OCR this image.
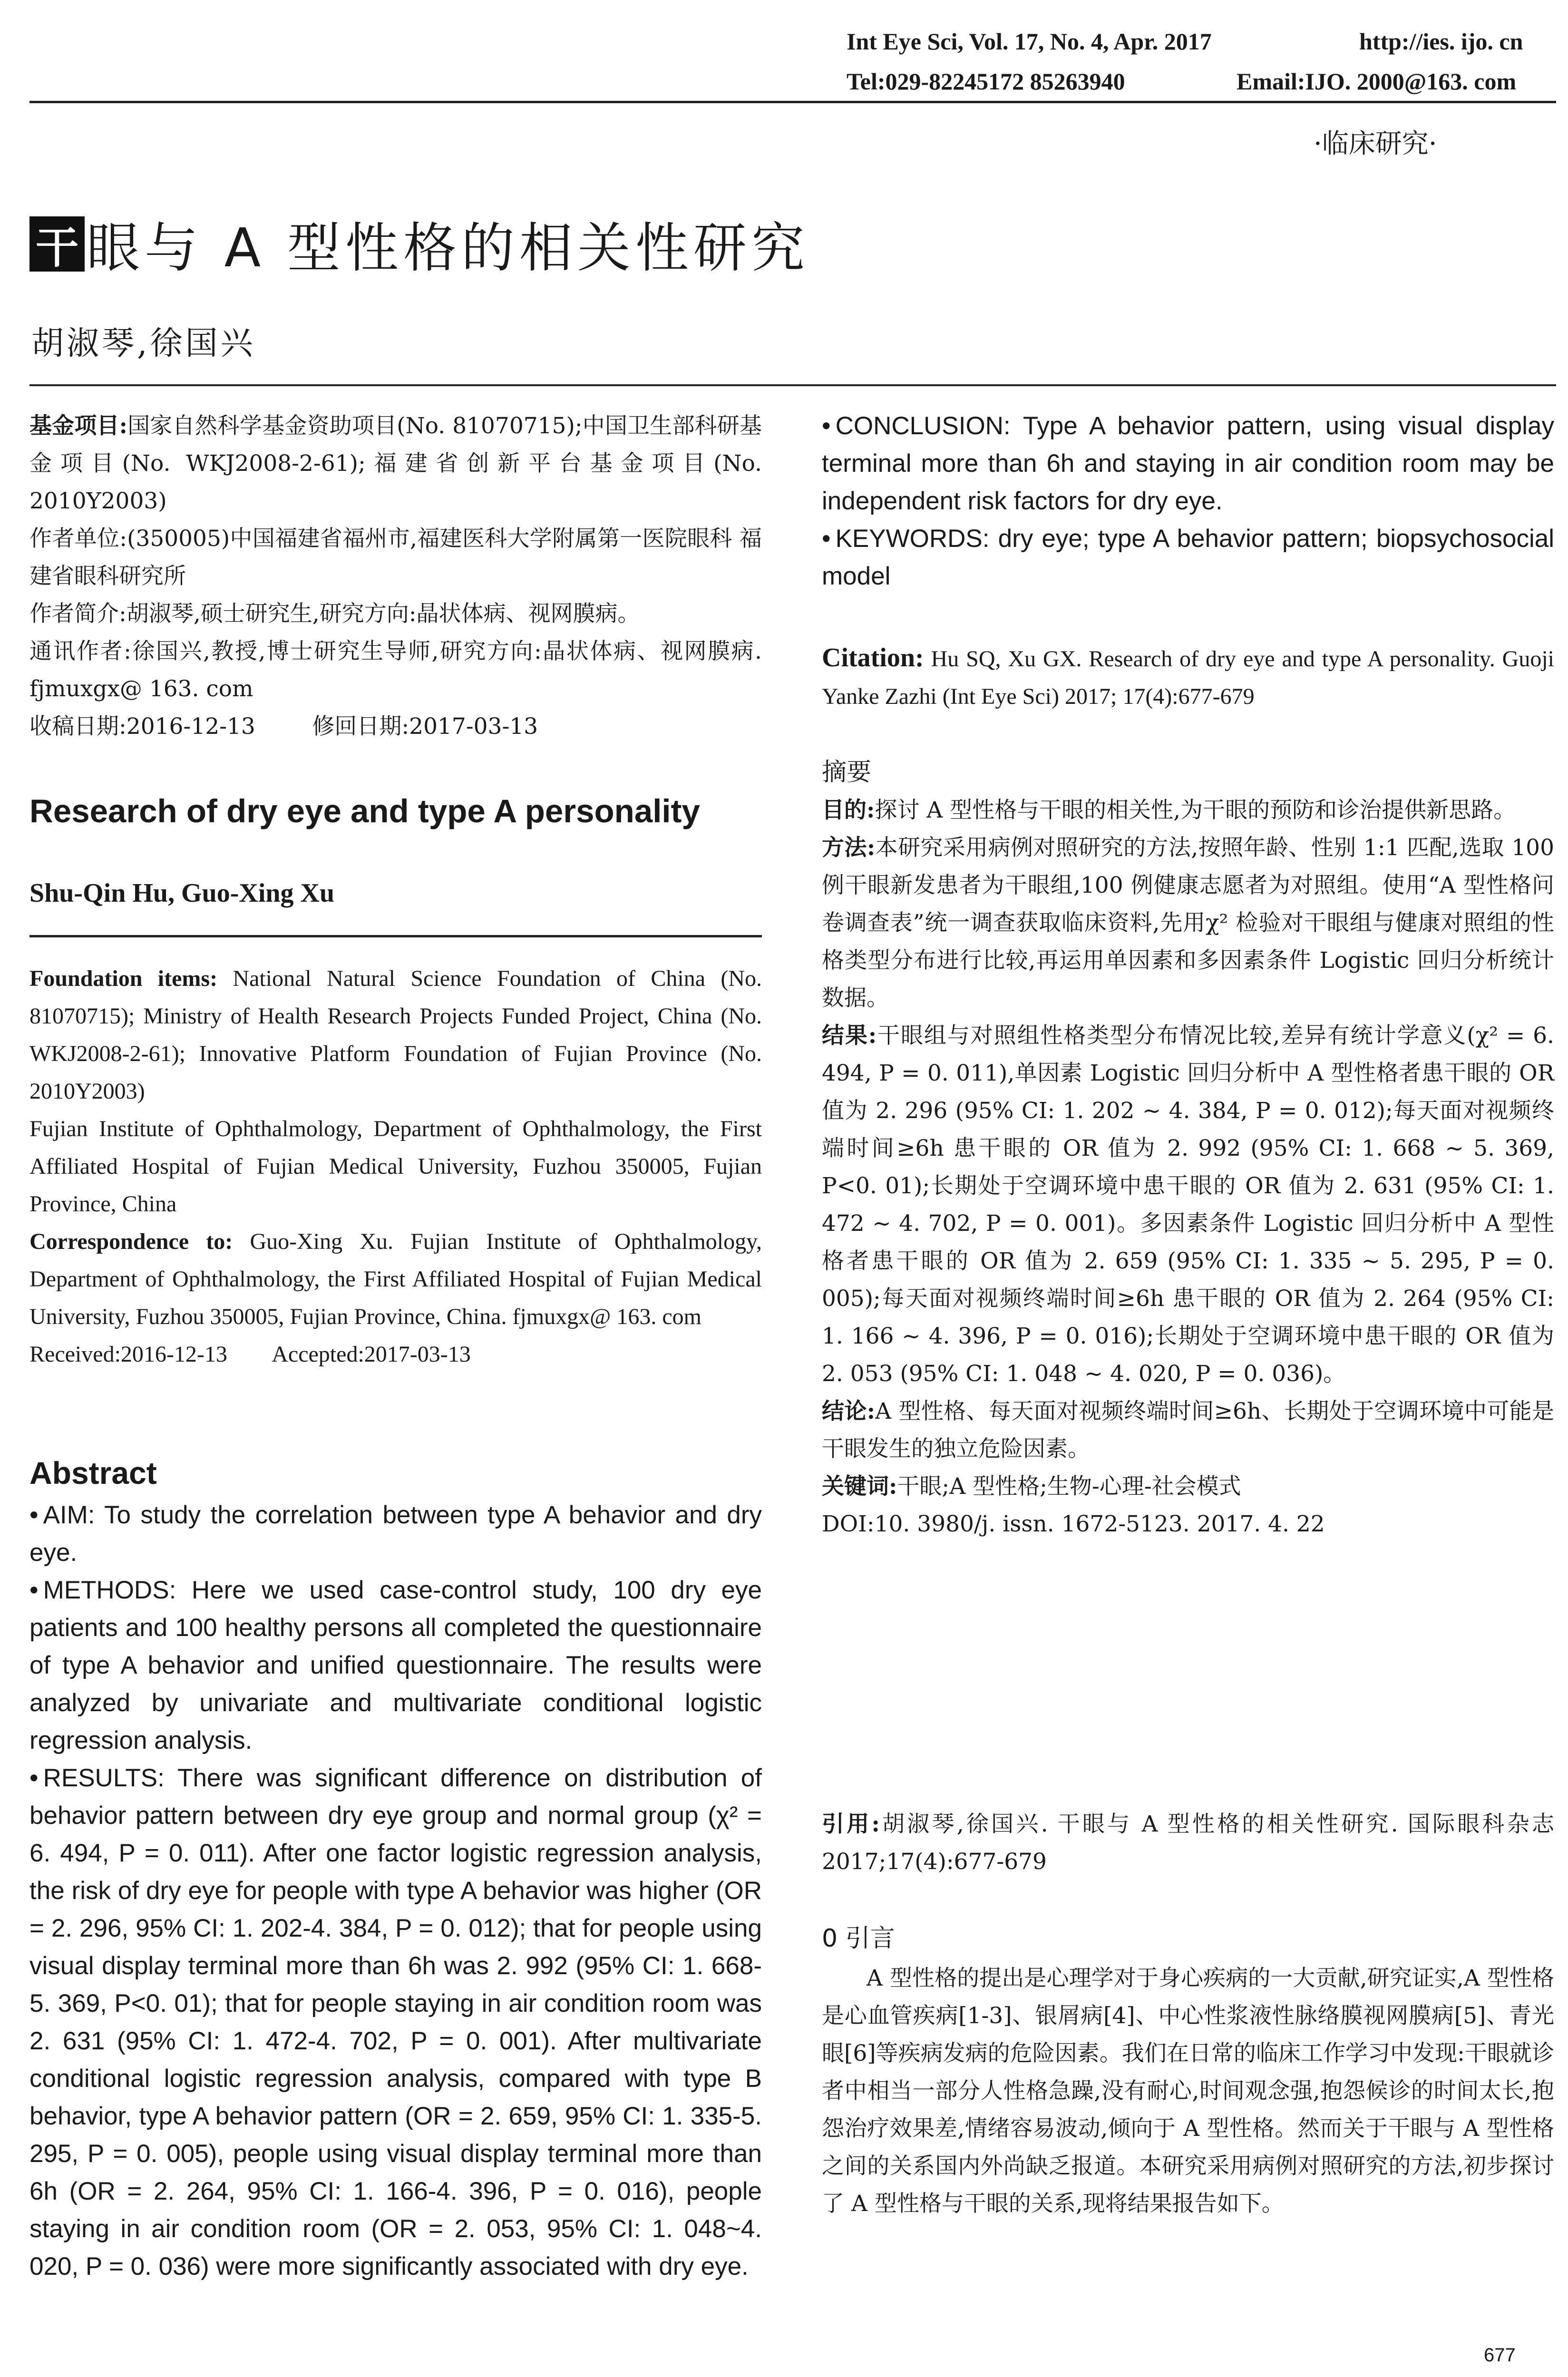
Int Eye Sci, Vol. 17, No. 4, Apr. 2017	http://ies. ijo. cn
Tel:029-82245172 85263940	Email:IJO. 2000@163. com
·临床研究·
干 眼与 A 型性格的相关性研究
胡淑琴,徐国兴

基金项目:国家自然科学基金资助项目(No. 81070715);中国卫生部科研基金项目(No. WKJ2008-2-61);福建省创新平台基金项目(No. 2010Y2003)

作者单位:(350005)中国福建省福州市,福建医科大学附属第一医院眼科 福建省眼科研究所

作者简介:胡淑琴,硕士研究生,研究方向:晶状体病、视网膜病。

通讯作者:徐国兴,教授,博士研究生导师,研究方向:晶状体病、视网膜病. fjmuxgx@ 163. com

收稿日期:2016-12-13        修回日期:2017-03-13

Research of dry eye and type A personality
Shu-Qin Hu, Guo-Xing Xu

Foundation items: National Natural Science Foundation of China (No. 81070715); Ministry of Health Research Projects Funded Project, China (No. WKJ2008-2-61); Innovative Platform Foundation of Fujian Province (No. 2010Y2003)

Fujian Institute of Ophthalmology, Department of Ophthalmology, the First Affiliated Hospital of Fujian Medical University, Fuzhou 350005, Fujian Province, China

Correspondence to: Guo-Xing Xu. Fujian Institute of Ophthalmology, Department of Ophthalmology, the First Affiliated Hospital of Fujian Medical University, Fuzhou 350005, Fujian Province, China. fjmuxgx@ 163. com

Received:2016-12-13        Accepted:2017-03-13

Abstract

• AIM: To study the correlation between type A behavior and dry eye.

• METHODS: Here we used case-control study, 100 dry eye patients and 100 healthy persons all completed the questionnaire of type A behavior and unified questionnaire. The results were analyzed by univariate and multivariate conditional logistic regression analysis.

• RESULTS: There was significant difference on distribution of behavior pattern between dry eye group and normal group (χ² = 6. 494, P = 0. 011). After one factor logistic regression analysis, the risk of dry eye for people with type A behavior was higher (OR = 2. 296, 95% CI: 1. 202-4. 384, P = 0. 012); that for people using visual display terminal more than 6h was 2. 992 (95% CI: 1. 668-5. 369, P<0. 01); that for people staying in air condition room was 2. 631 (95% CI: 1. 472-4. 702, P = 0. 001). After multivariate conditional logistic regression analysis, compared with type B behavior, type A behavior pattern (OR = 2. 659, 95% CI: 1. 335-5. 295, P = 0. 005), people using visual display terminal more than 6h (OR = 2. 264, 95% CI: 1. 166-4. 396, P = 0. 016), people staying in air condition room (OR = 2. 053, 95% CI: 1. 048~4. 020, P = 0. 036) were more significantly associated with dry eye.

• CONCLUSION: Type A behavior pattern, using visual display terminal more than 6h and staying in air condition room may be independent risk factors for dry eye.

• KEYWORDS: dry eye; type A behavior pattern; biopsychosocial model

Citation: Hu SQ, Xu GX. Research of dry eye and type A personality. Guoji Yanke Zazhi (Int Eye Sci) 2017; 17(4):677-679

摘要

目的:探讨 A 型性格与干眼的相关性,为干眼的预防和诊治提供新思路。

方法:本研究采用病例对照研究的方法,按照年龄、性别 1:1 匹配,选取 100 例干眼新发患者为干眼组,100 例健康志愿者为对照组。使用“A 型性格问卷调查表”统一调查获取临床资料,先用χ² 检验对干眼组与健康对照组的性格类型分布进行比较,再运用单因素和多因素条件 Logistic 回归分析统计数据。

结果:干眼组与对照组性格类型分布情况比较,差异有统计学意义(χ² = 6. 494, P = 0. 011),单因素 Logistic 回归分析中 A 型性格者患干眼的 OR 值为 2. 296 (95% CI: 1. 202 ~ 4. 384, P = 0. 012);每天面对视频终端时间≥6h 患干眼的 OR 值为 2. 992 (95% CI: 1. 668 ~ 5. 369, P<0. 01);长期处于空调环境中患干眼的 OR 值为 2. 631 (95% CI: 1. 472 ~ 4. 702, P = 0. 001)。多因素条件 Logistic 回归分析中 A 型性格者患干眼的 OR 值为 2. 659 (95% CI: 1. 335 ~ 5. 295, P = 0. 005);每天面对视频终端时间≥6h 患干眼的 OR 值为 2. 264 (95% CI: 1. 166 ~ 4. 396, P = 0. 016);长期处于空调环境中患干眼的 OR 值为 2. 053 (95% CI: 1. 048 ~ 4. 020, P = 0. 036)。

结论:A 型性格、每天面对视频终端时间≥6h、长期处于空调环境中可能是干眼发生的独立危险因素。

关键词:干眼;A 型性格;生物-心理-社会模式

DOI:10. 3980/j. issn. 1672-5123. 2017. 4. 22

引用:胡淑琴,徐国兴. 干眼与 A 型性格的相关性研究. 国际眼科杂志 2017;17(4):677-679

0 引言

A 型性格的提出是心理学对于身心疾病的一大贡献,研究证实,A 型性格是心血管疾病[1-3]、银屑病[4]、中心性浆液性脉络膜视网膜病[5]、青光眼[6]等疾病发病的危险因素。我们在日常的临床工作学习中发现:干眼就诊者中相当一部分人性格急躁,没有耐心,时间观念强,抱怨候诊的时间太长,抱怨治疗效果差,情绪容易波动,倾向于 A 型性格。然而关于干眼与 A 型性格之间的关系国内外尚缺乏报道。本研究采用病例对照研究的方法,初步探讨了 A 型性格与干眼的关系,现将结果报告如下。

677
